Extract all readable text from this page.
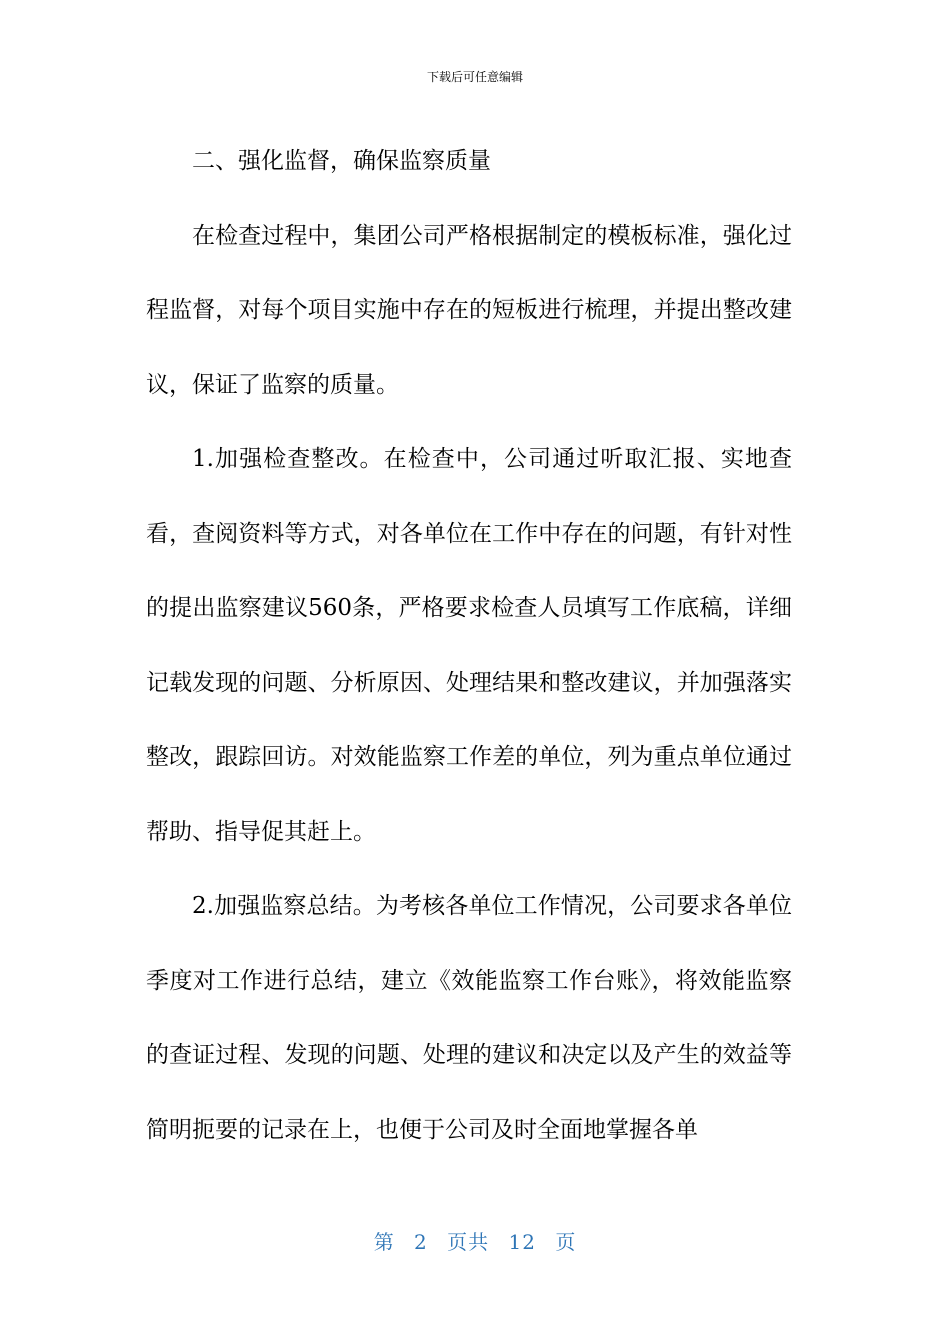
下载后可任意编辑

二、强化监督，确保监察质量

在检查过程中，集团公司严格根据制定的模板标准，强化过程监督，对每个项目实施中存在的短板进行梳理，并提出整改建议，保证了监察的质量。

1.加强检查整改。在检查中，公司通过听取汇报、实地查看，查阅资料等方式，对各单位在工作中存在的问题，有针对性的提出监察建议560条，严格要求检查人员填写工作底稿，详细记载发现的问题、分析原因、处理结果和整改建议，并加强落实整改，跟踪回访。对效能监察工作差的单位，列为重点单位通过帮助、指导促其赶上。

2.加强监察总结。为考核各单位工作情况，公司要求各单位季度对工作进行总结，建立《效能监察工作台账》，将效能监察的查证过程、发现的问题、处理的建议和决定以及产生的效益等简明扼要的记录在上，也便于公司及时全面地掌握各单

第 2 页共 12 页
